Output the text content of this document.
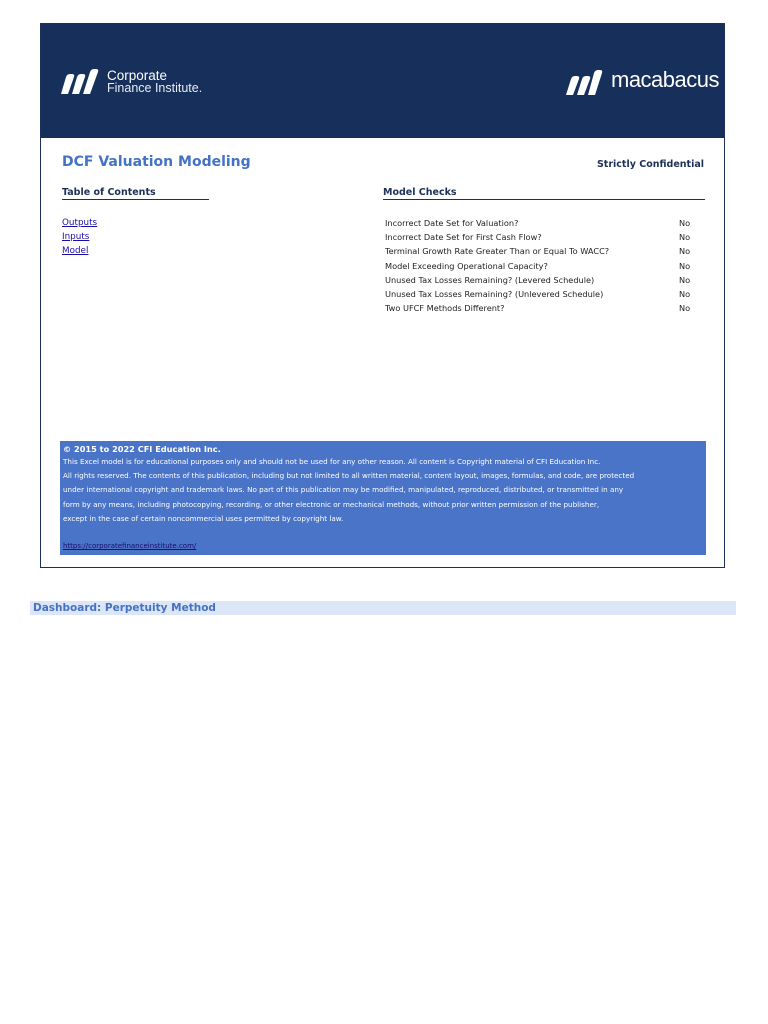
Corporate
Finance Institute.	macabacus
DCF Valuation Modeling	Strictly Confidential
Table of Contents	Model Checks
Outputs
Inputs
Model
Incorrect Date Set for Valuation?	No
Incorrect Date Set for First Cash Flow?	No
Terminal Growth Rate Greater Than or Equal To WACC?	No
Model Exceeding Operational Capacity?	No
Unused Tax Losses Remaining? (Levered Schedule)	No
Unused Tax Losses Remaining? (Unlevered Schedule)	No
Two UFCF Methods Different?	No
© 2015 to 2022 CFI Education Inc.
This Excel model is for educational purposes only and should not be used for any other reason. All content is Copyright material of CFI Education Inc.
All rights reserved. The contents of this publication, including but not limited to all written material, content layout, images, formulas, and code, are protected
under international copyright and trademark laws. No part of this publication may be modified, manipulated, reproduced, distributed, or transmitted in any
form by any means, including photocopying, recording, or other electronic or mechanical methods, without prior written permission of the publisher,
except in the case of certain noncommercial uses permitted by copyright law.
https://corporatefinanceinstitute.com/
Dashboard: Perpetuity Method
